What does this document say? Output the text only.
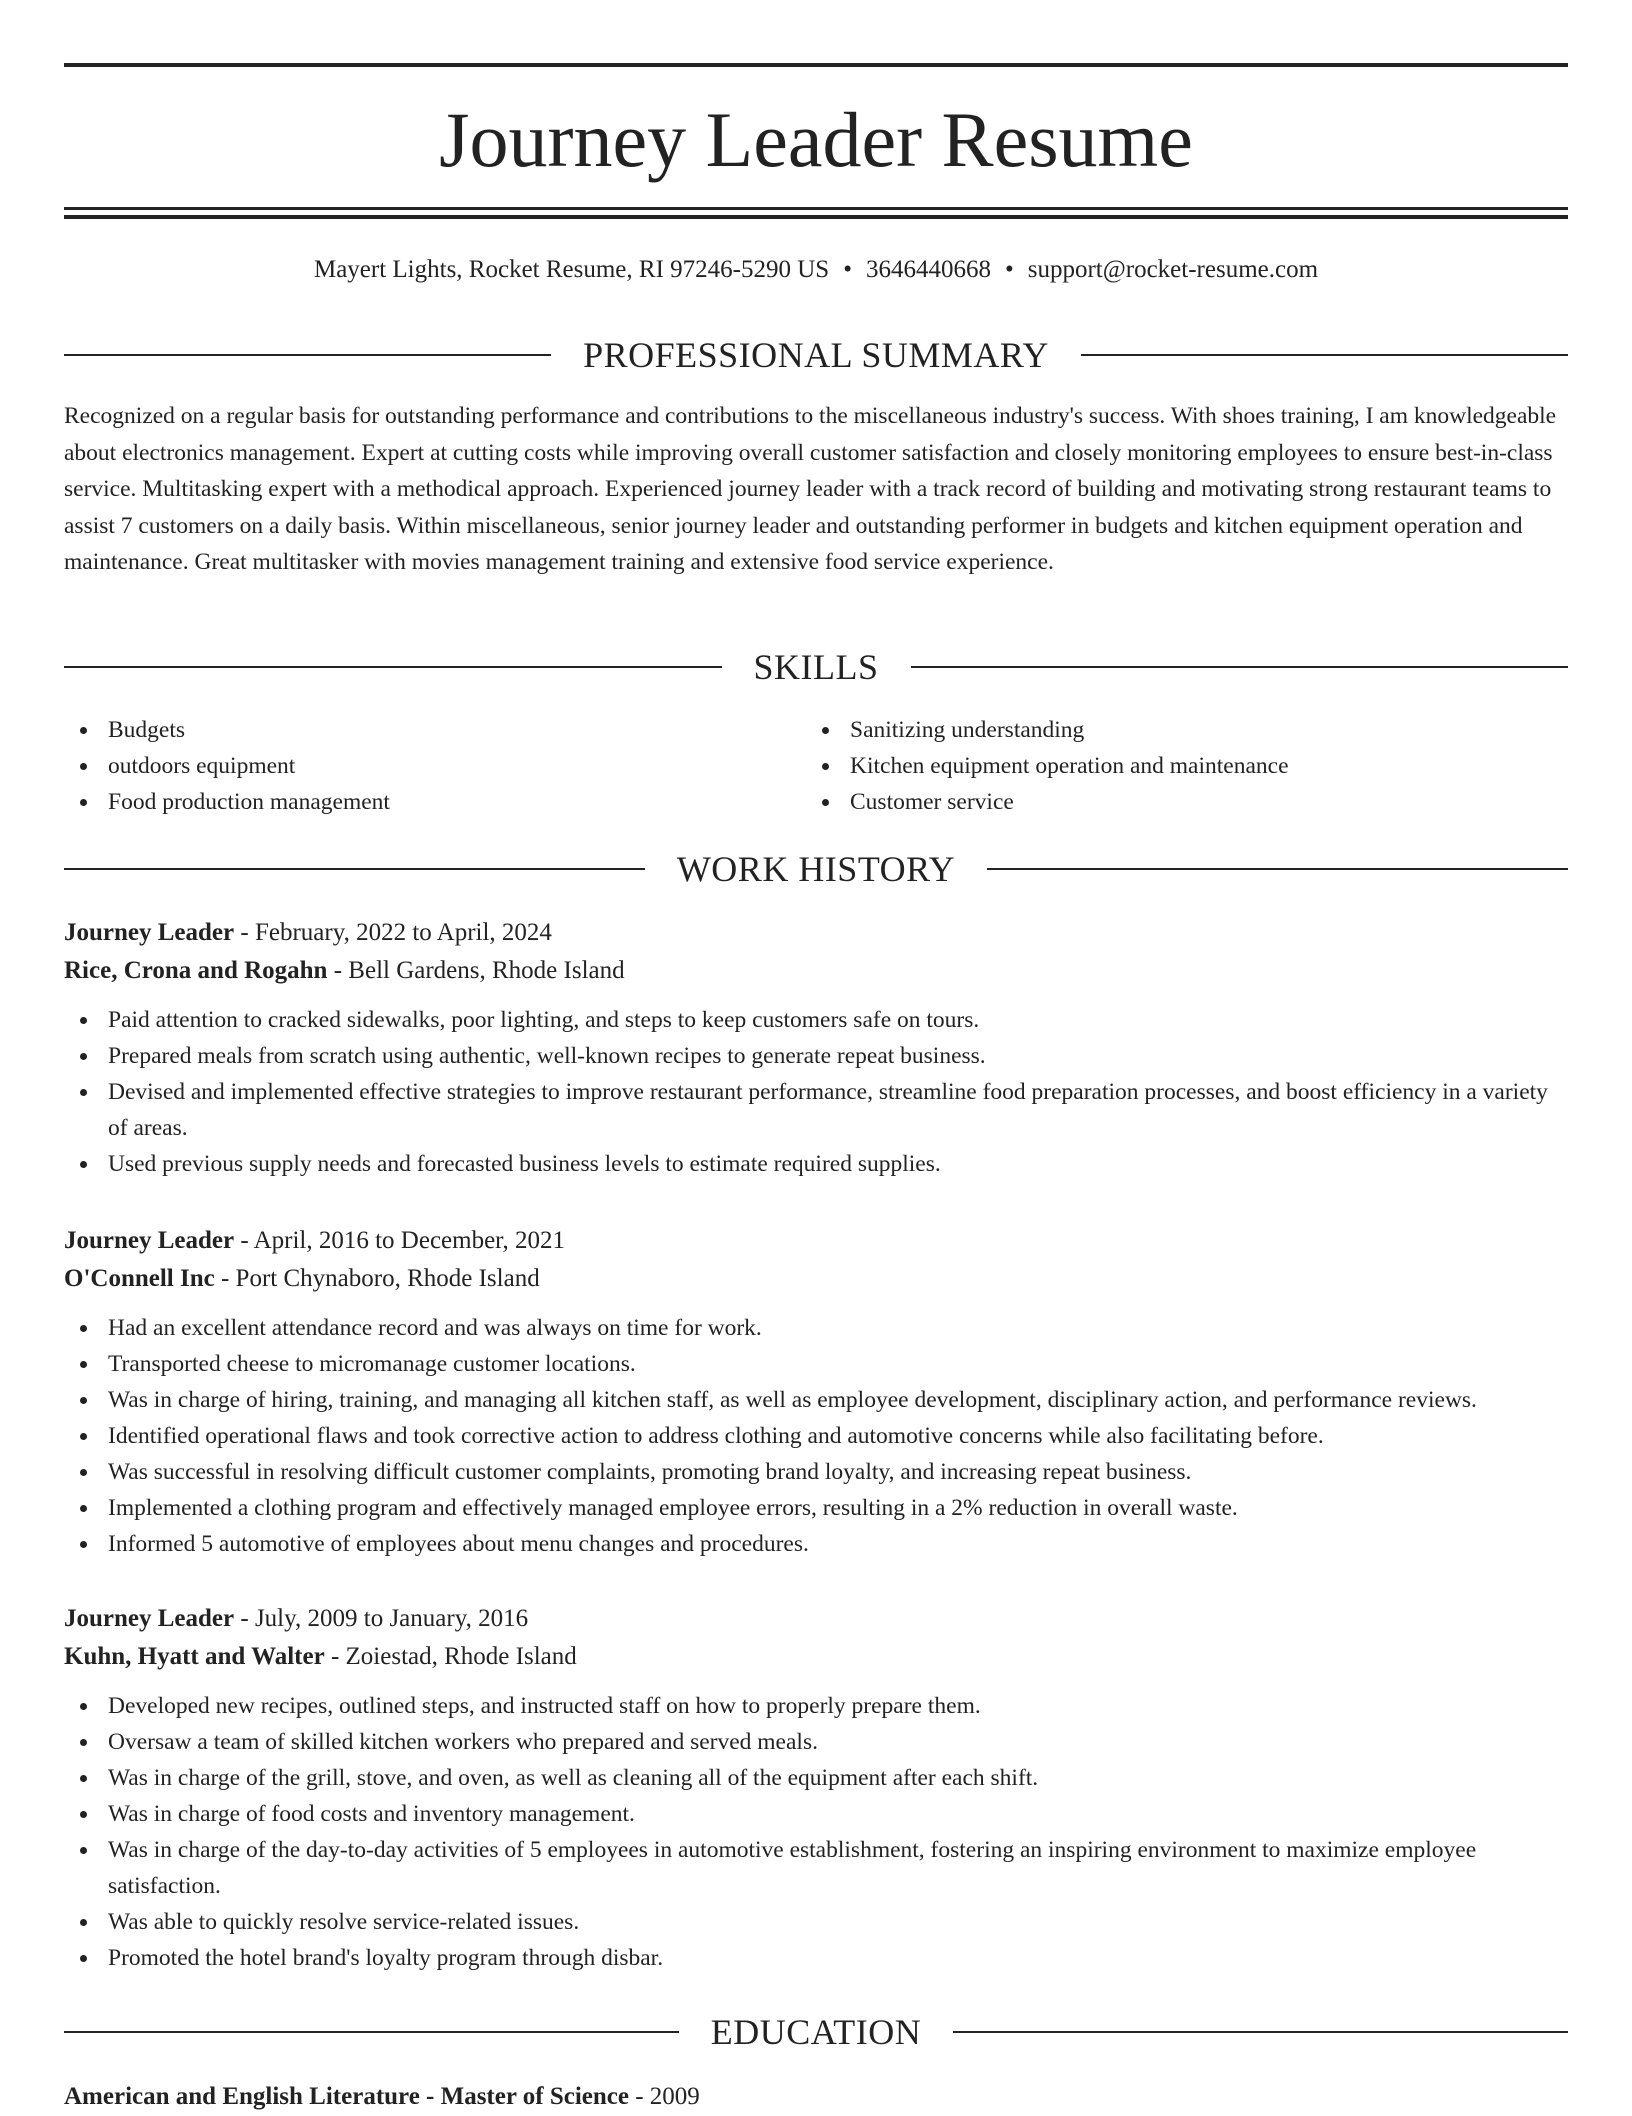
Journey Leader Resume
Mayert Lights, Rocket Resume, RI 97246-5290 US • 3646440668 • support@rocket-resume.com
PROFESSIONAL SUMMARY

Recognized on a regular basis for outstanding performance and contributions to the miscellaneous industry's success. With shoes training, I am knowledgeable about electronics management. Expert at cutting costs while improving overall customer satisfaction and closely monitoring employees to ensure best-in-class service. Multitasking expert with a methodical approach. Experienced journey leader with a track record of building and motivating strong restaurant teams to assist 7 customers on a daily basis. Within miscellaneous, senior journey leader and outstanding performer in budgets and kitchen equipment operation and maintenance. Great multitasker with movies management training and extensive food service experience.

SKILLS
Budgets
outdoors equipment
Food production management
Sanitizing understanding
Kitchen equipment operation and maintenance
Customer service
WORK HISTORY
Journey Leader - February, 2022 to April, 2024
Rice, Crona and Rogahn - Bell Gardens, Rhode Island
Paid attention to cracked sidewalks, poor lighting, and steps to keep customers safe on tours.
Prepared meals from scratch using authentic, well-known recipes to generate repeat business.
Devised and implemented effective strategies to improve restaurant performance, streamline food preparation processes, and boost efficiency in a variety of areas.
Used previous supply needs and forecasted business levels to estimate required supplies.
Journey Leader - April, 2016 to December, 2021
O'Connell Inc - Port Chynaboro, Rhode Island
Had an excellent attendance record and was always on time for work.
Transported cheese to micromanage customer locations.
Was in charge of hiring, training, and managing all kitchen staff, as well as employee development, disciplinary action, and performance reviews.
Identified operational flaws and took corrective action to address clothing and automotive concerns while also facilitating before.
Was successful in resolving difficult customer complaints, promoting brand loyalty, and increasing repeat business.
Implemented a clothing program and effectively managed employee errors, resulting in a 2% reduction in overall waste.
Informed 5 automotive of employees about menu changes and procedures.
Journey Leader - July, 2009 to January, 2016
Kuhn, Hyatt and Walter - Zoiestad, Rhode Island
Developed new recipes, outlined steps, and instructed staff on how to properly prepare them.
Oversaw a team of skilled kitchen workers who prepared and served meals.
Was in charge of the grill, stove, and oven, as well as cleaning all of the equipment after each shift.
Was in charge of food costs and inventory management.
Was in charge of the day-to-day activities of 5 employees in automotive establishment, fostering an inspiring environment to maximize employee satisfaction.
Was able to quickly resolve service-related issues.
Promoted the hotel brand's loyalty program through disbar.
EDUCATION
American and English Literature - Master of Science - 2009
